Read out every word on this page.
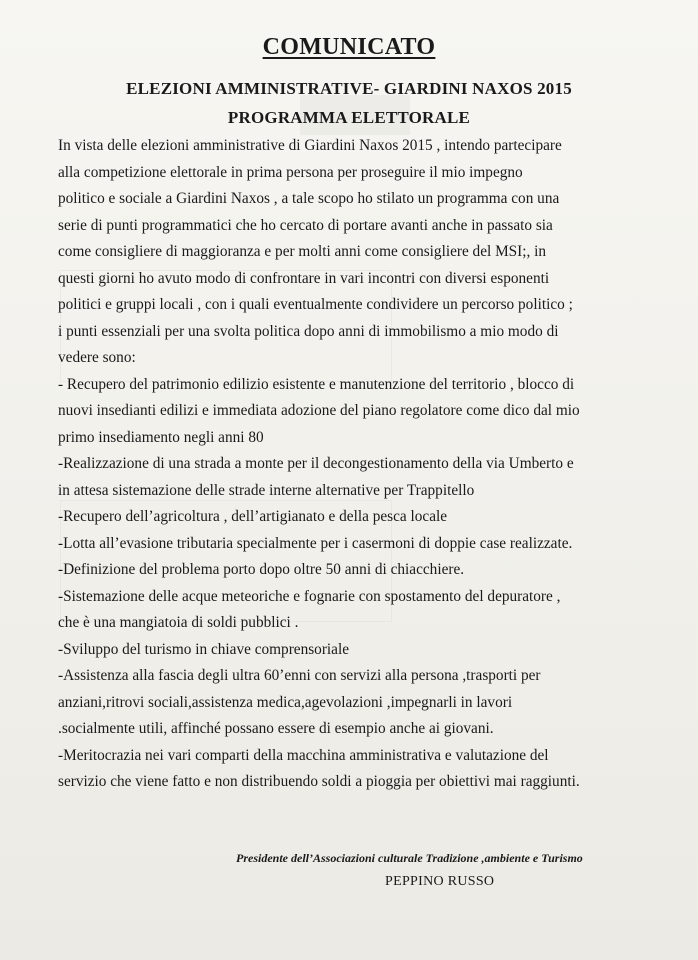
COMUNICATO
ELEZIONI AMMINISTRATIVE- GIARDINI NAXOS 2015
PROGRAMMA ELETTORALE
In vista delle elezioni amministrative di Giardini Naxos 2015 , intendo partecipare
alla competizione elettorale in prima persona per proseguire il mio impegno
politico e sociale a Giardini Naxos , a tale scopo ho stilato un programma con una
serie di punti programmatici che ho cercato di portare avanti anche in passato sia
come consigliere di maggioranza e per molti anni come consigliere del MSI;, in
questi giorni ho avuto modo di confrontare in vari incontri con diversi esponenti
politici e gruppi locali , con i quali eventualmente condividere un percorso politico ;
i punti essenziali per una svolta politica dopo anni di immobilismo a mio modo di
vedere sono:
- Recupero del patrimonio edilizio esistente e manutenzione del territorio , blocco di
nuovi insedianti edilizi e immediata adozione del piano regolatore come dico dal mio
primo insediamento negli anni 80
-Realizzazione di una strada a monte per il decongestionamento della via Umberto e
in attesa sistemazione delle strade interne alternative per Trappitello
-Recupero dell’agricoltura , dell’artigianato e della pesca locale
-Lotta all’evasione tributaria specialmente per i casermoni di doppie case realizzate.
-Definizione del problema porto dopo oltre 50 anni di chiacchiere.
-Sistemazione delle acque meteoriche e fognarie con spostamento del depuratore ,
che è una mangiatoia di soldi pubblici .
-Sviluppo del turismo in chiave comprensoriale
-Assistenza alla fascia degli ultra 60’enni con servizi alla persona ,trasporti per
anziani,ritrovi sociali,assistenza medica,agevolazioni ,impegnarli in lavori
.socialmente utili, affinché possano essere di esempio anche ai giovani.
-Meritocrazia nei vari comparti della macchina amministrativa e valutazione del
servizio che viene fatto e non distribuendo soldi a pioggia per obiettivi mai raggiunti.
Presidente dell’Associazioni culturale Tradizione ,ambiente e Turismo
PEPPINO RUSSO
